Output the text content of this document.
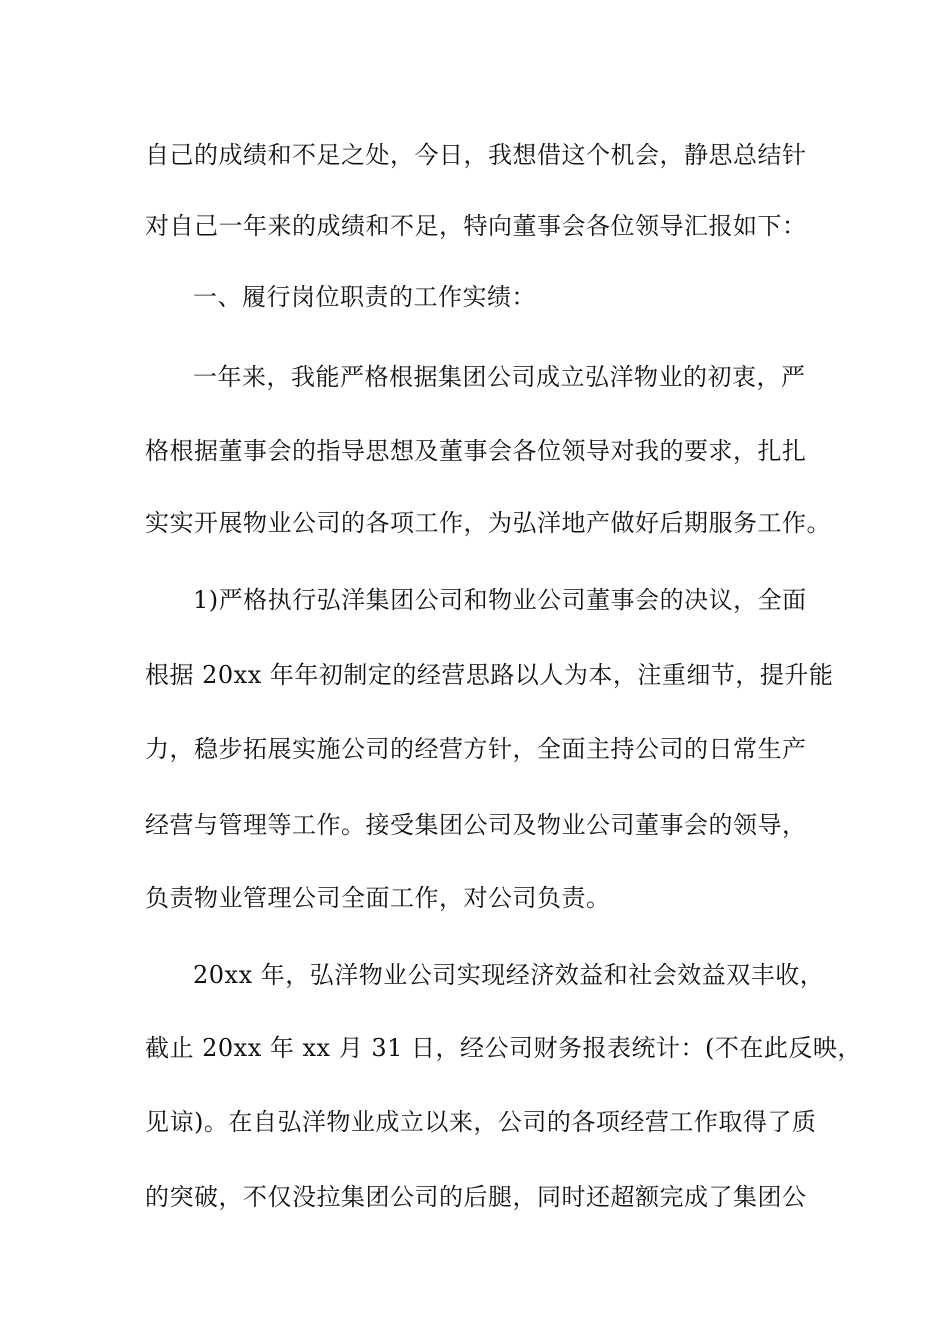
自己的成绩和不足之处，今日，我想借这个机会，静思总结针
对自己一年来的成绩和不足，特向董事会各位领导汇报如下：
一、履行岗位职责的工作实绩：
一年来，我能严格根据集团公司成立弘洋物业的初衷，严
格根据董事会的指导思想及董事会各位领导对我的要求，扎扎
实实开展物业公司的各项工作，为弘洋地产做好后期服务工作。
1)严格执行弘洋集团公司和物业公司董事会的决议，全面
根据 20xx 年年初制定的经营思路以人为本，注重细节，提升能
力，稳步拓展实施公司的经营方针，全面主持公司的日常生产
经营与管理等工作。接受集团公司及物业公司董事会的领导，
负责物业管理公司全面工作，对公司负责。
20xx 年，弘洋物业公司实现经济效益和社会效益双丰收，
截止 20xx 年 xx 月 31 日，经公司财务报表统计：(不在此反映，
见谅)。在自弘洋物业成立以来，公司的各项经营工作取得了质
的突破，不仅没拉集团公司的后腿，同时还超额完成了集团公
